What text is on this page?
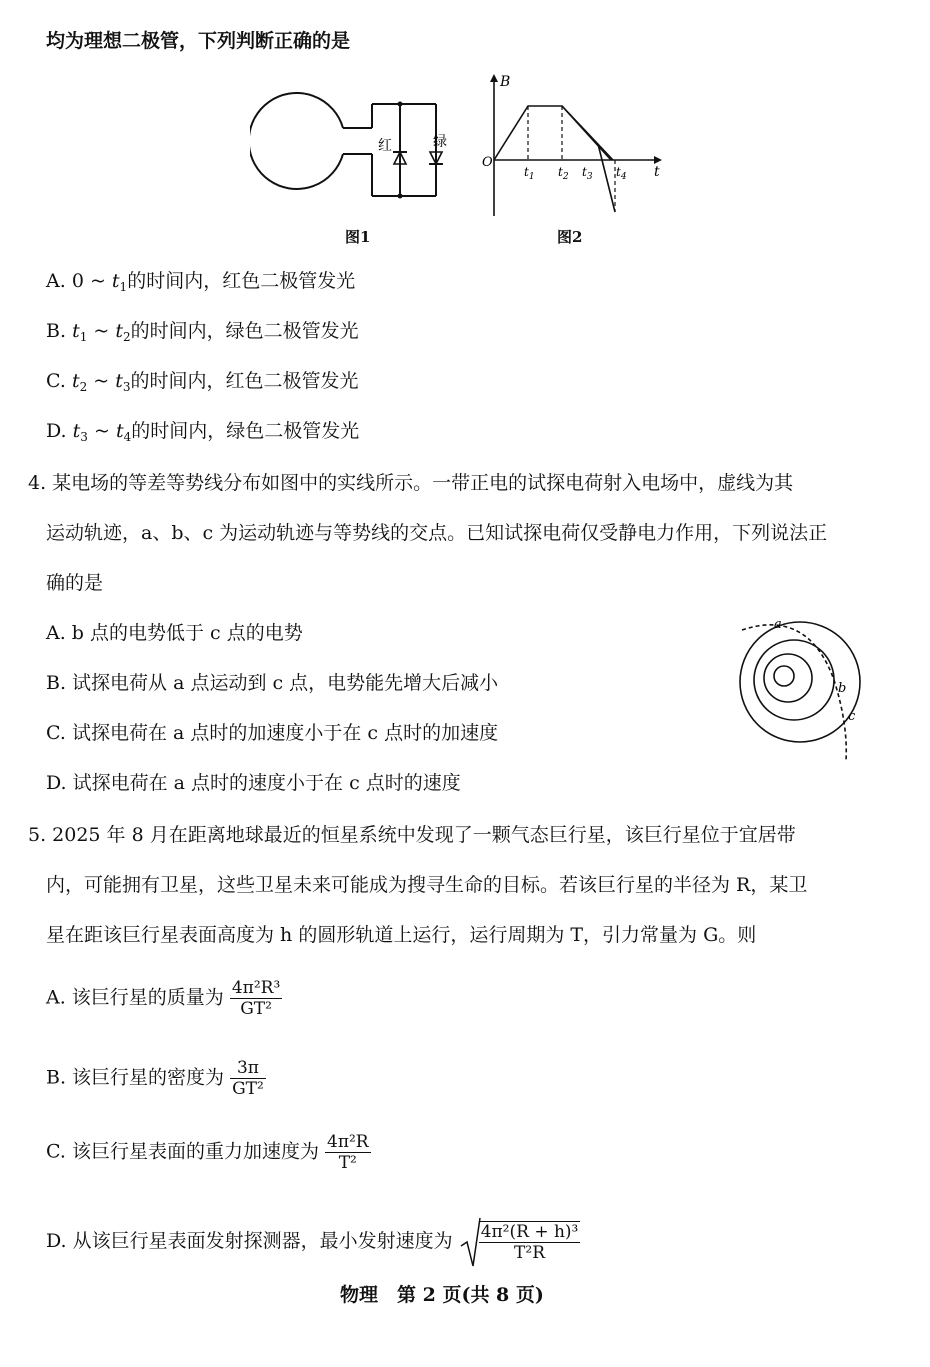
均为理想二极管，下列判断正确的是
红	绿
图1
B
t
O
$t_1$ $t_2$ $t_3$ $t_4$
图2
A. 0 ~ $t_1$的时间内，红色二极管发光
B. $t_1$ ~ $t_2$的时间内，绿色二极管发光
C. $t_2$ ~ $t_3$的时间内，红色二极管发光
D. $t_3$ ~ $t_4$的时间内，绿色二极管发光
4. 某电场的等差等势线分布如图中的实线所示。一带正电的试探电荷射入电场中，虚线为其
运动轨迹，a、b、c 为运动轨迹与等势线的交点。已知试探电荷仅受静电力作用，下列说法正
确的是
A. b 点的电势低于 c 点的电势
B. 试探电荷从 a 点运动到 c 点，电势能先增大后减小
C. 试探电荷在 a 点时的加速度小于在 c 点时的加速度
D. 试探电荷在 a 点时的速度小于在 c 点时的速度
a
b
c
5. 2025 年 8 月在距离地球最近的恒星系统中发现了一颗气态巨行星，该巨行星位于宜居带
内，可能拥有卫星，这些卫星未来可能成为搜寻生命的目标。若该巨行星的半径为 R，某卫
星在距该巨行星表面高度为 h 的圆形轨道上运行，运行周期为 T，引力常量为 G。则
A. 该巨行星的质量为 $\frac{\text{4π²R³}}{\text{GT²}}$
B. 该巨行星的密度为 $\frac{3\pi}{\text{GT²}}$
C. 该巨行星表面的重力加速度为 $\frac{\text{4π²R}}{\text{T²}}$
D. 从该巨行星表面发射探测器，最小发射速度为 $\frac{\text{4π²(R + h)³}}{\text{T²R}}$
物理　第 2 页(共 8 页)
